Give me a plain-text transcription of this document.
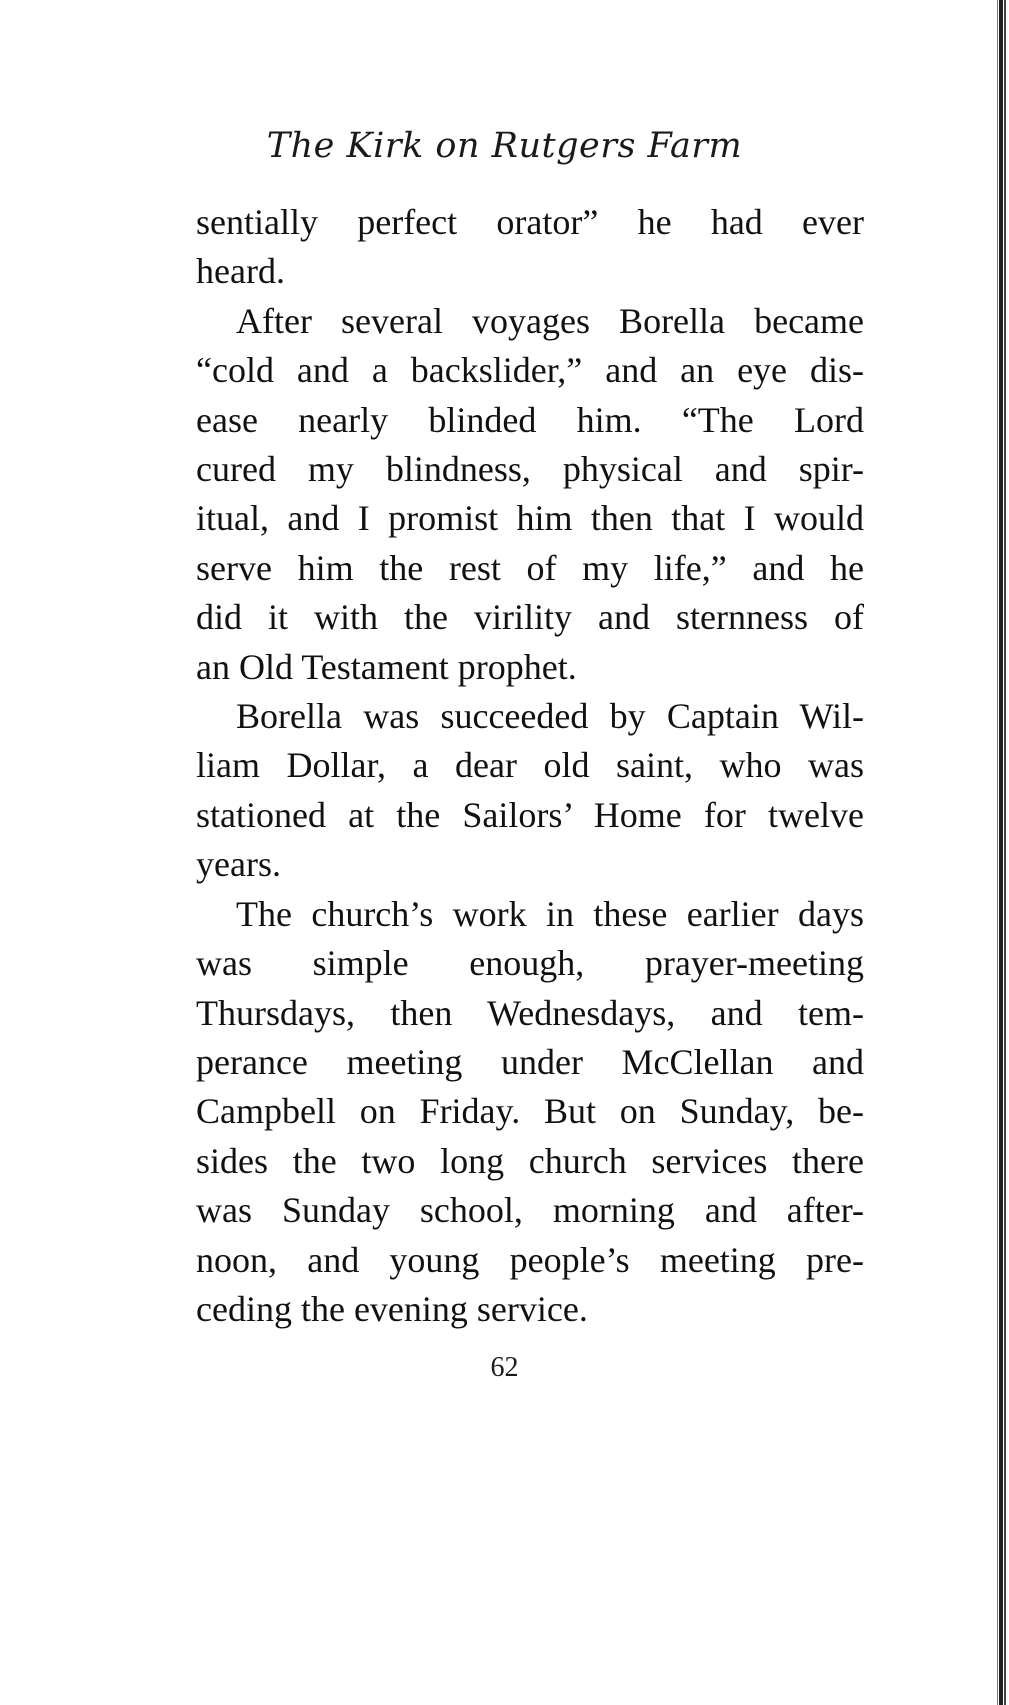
The Kirk on Rutgers Farm

sentially perfect orator” he had ever
heard.

After several voyages Borella became
“cold and a backslider,” and an eye dis-
ease nearly blinded him. “The Lord
cured my blindness, physical and spir-
itual, and I promist him then that I would
serve him the rest of my life,” and he
did it with the virility and sternness of
an Old Testament prophet.

Borella was succeeded by Captain Wil-
liam Dollar, a dear old saint, who was
stationed at the Sailors’ Home for twelve
years.

The church’s work in these earlier days
was simple enough, prayer-meeting
Thursdays, then Wednesdays, and tem-
perance meeting under McClellan and
Campbell on Friday. But on Sunday, be-
sides the two long church services there
was Sunday school, morning and after-
noon, and young people’s meeting pre-
ceding the evening service.

62
